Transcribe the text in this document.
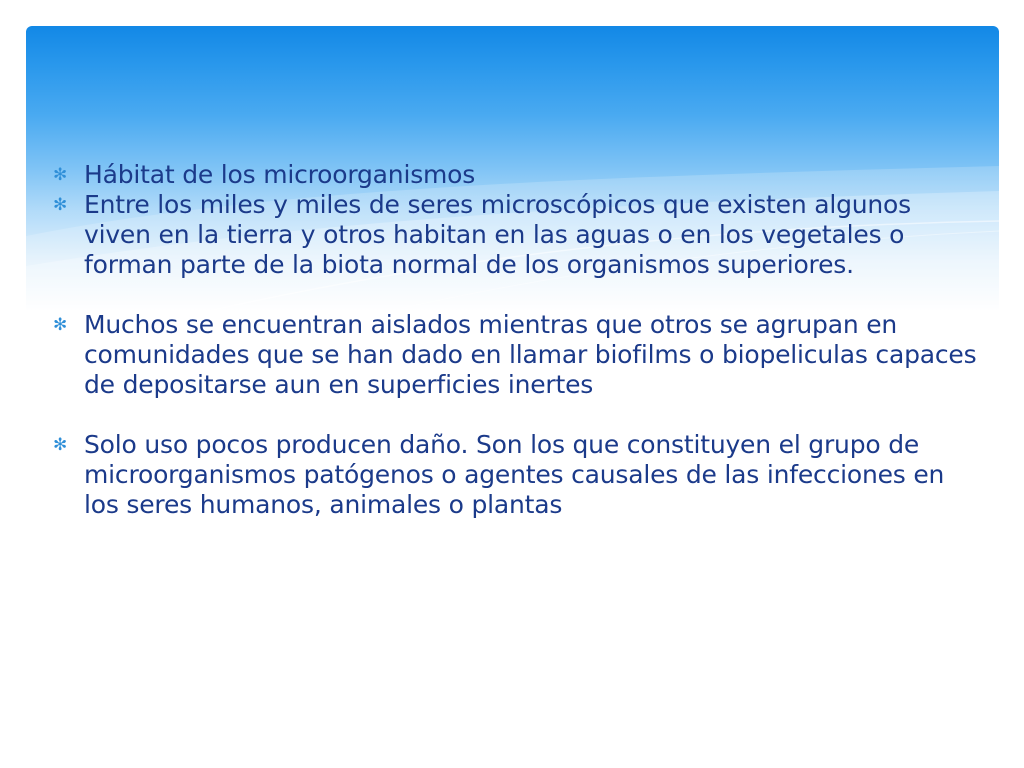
✻ Hábitat de los microorganismos
✻ Entre los miles y miles de seres microscópicos que existen algunos viven en la tierra y otros habitan en las aguas o en los vegetales o forman parte de la biota normal de los organismos superiores.
✻ Muchos se encuentran aislados mientras que otros se agrupan en comunidades que se han dado en llamar biofilms o biopeliculas capaces de depositarse aun en superficies inertes
✻ Solo uso pocos producen daño. Son los que constituyen el grupo de microorganismos patógenos o agentes causales de las infecciones en los seres humanos, animales o plantas
